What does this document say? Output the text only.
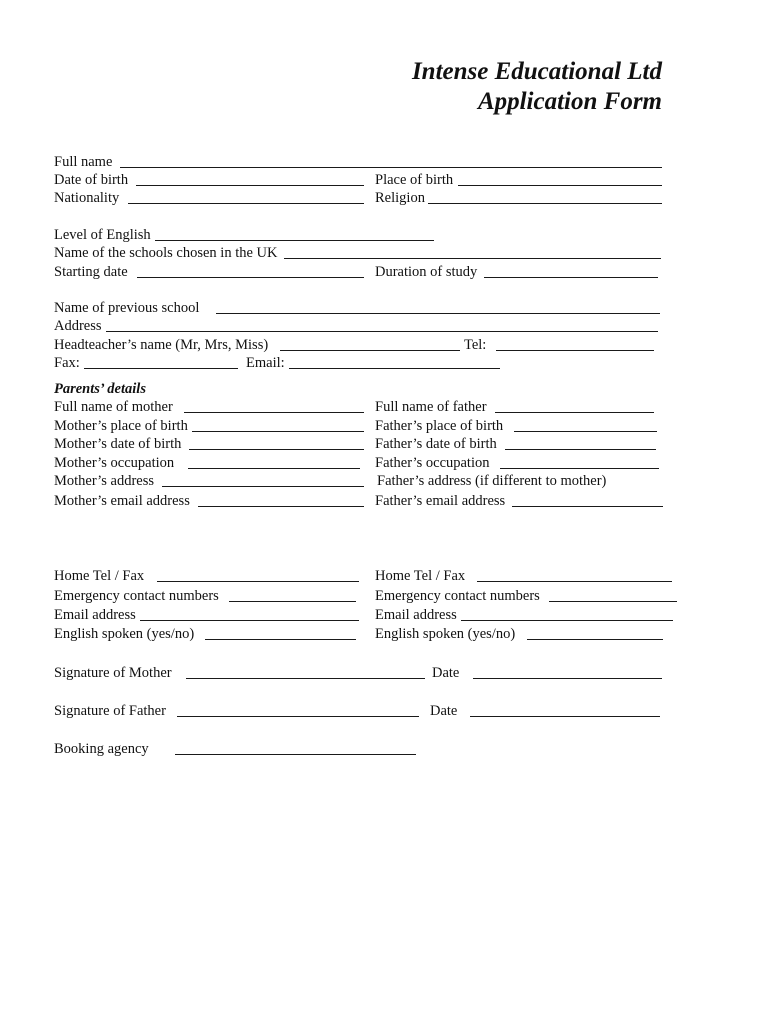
Intense Educational Ltd
Application Form
Full name
Date of birth	Place of birth
Nationality	Religion
Level of English
Name of the schools chosen in the UK
Starting date	Duration of study
Name of previous school
Address
Headteacher’s name (Mr, Mrs, Miss)	Tel:
Fax:	Email:
Parents’ details
Full name of mother	Full name of father
Mother’s place of birth	Father’s place of birth
Mother’s date of birth	Father’s date of birth
Mother’s occupation	Father’s occupation
Mother’s address	Father’s address (if different to mother)
Mother’s email address	Father’s email address
Home Tel / Fax	Home Tel / Fax
Emergency contact numbers	Emergency contact numbers
Email address	Email address
English spoken (yes/no)	English spoken (yes/no)
Signature of Mother	Date
Signature of Father	Date
Booking agency
